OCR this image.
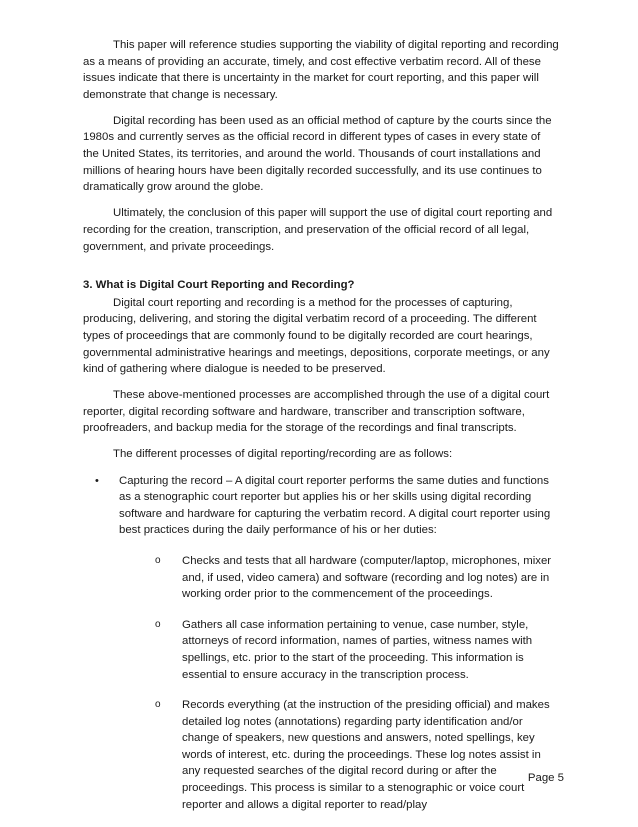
This paper will reference studies supporting the viability of digital reporting and recording as a means of providing an accurate, timely, and cost effective verbatim record. All of these issues indicate that there is uncertainty in the market for court reporting, and this paper will demonstrate that change is necessary.

Digital recording has been used as an official method of capture by the courts since the 1980s and currently serves as the official record in different types of cases in every state of the United States, its territories, and around the world. Thousands of court installations and millions of hearing hours have been digitally recorded successfully, and its use continues to dramatically grow around the globe.

Ultimately, the conclusion of this paper will support the use of digital court reporting and recording for the creation, transcription, and preservation of the official record of all legal, government, and private proceedings.

3. What is Digital Court Reporting and Recording?

Digital court reporting and recording is a method for the processes of capturing, producing, delivering, and storing the digital verbatim record of a proceeding. The different types of proceedings that are commonly found to be digitally recorded are court hearings, governmental administrative hearings and meetings, depositions, corporate meetings, or any kind of gathering where dialogue is needed to be preserved.

These above-mentioned processes are accomplished through the use of a digital court reporter, digital recording software and hardware, transcriber and transcription software, proofreaders, and backup media for the storage of the recordings and final transcripts.

The different processes of digital reporting/recording are as follows:

• Capturing the record – A digital court reporter performs the same duties and functions as a stenographic court reporter but applies his or her skills using digital recording software and hardware for capturing the verbatim record. A digital court reporter using best practices during the daily performance of his or her duties:
o Checks and tests that all hardware (computer/laptop, microphones, mixer and, if used, video camera) and software (recording and log notes) are in working order prior to the commencement of the proceedings.
o Gathers all case information pertaining to venue, case number, style, attorneys of record information, names of parties, witness names with spellings, etc. prior to the start of the proceeding. This information is essential to ensure accuracy in the transcription process.
o Records everything (at the instruction of the presiding official) and makes detailed log notes (annotations) regarding party identification and/or change of speakers, new questions and answers, noted spellings, key words of interest, etc. during the proceedings. These log notes assist in any requested searches of the digital record during or after the proceedings. This process is similar to a stenographic or voice court reporter and allows a digital reporter to read/play
Page 5
